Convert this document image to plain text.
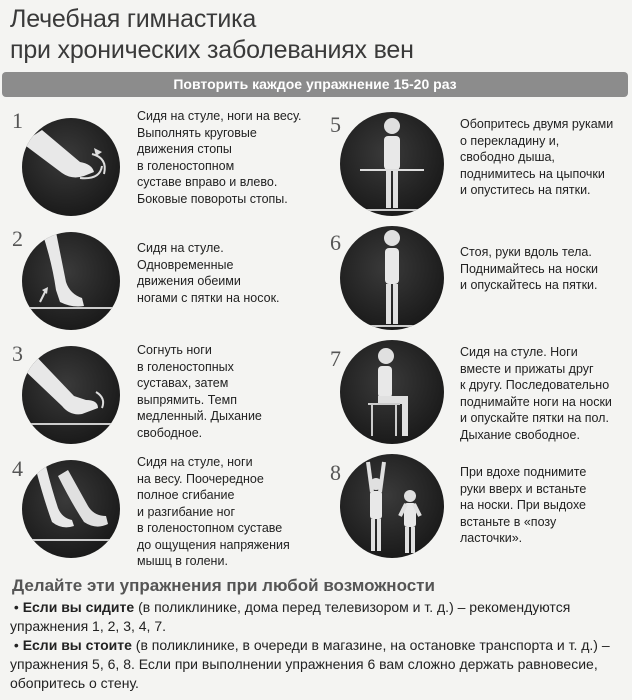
Лечебная гимнастика
при хронических заболеваниях вен
Повторить каждое упражнение 15-20 раз
1	Сидя на стуле, ноги на весу.
Выполнять круговые
движения стопы
в голеностопном
суставе вправо и влево.
Боковые повороты стопы.
2	Сидя на стуле.
Одновременные
движения обеими
ногами с пятки на носок.
3	Согнуть ноги
в голеностопных
суставах, затем
выпрямить. Темп
медленный. Дыхание
свободное.
4	Сидя на стуле, ноги
на весу. Поочередное
полное сгибание
и разгибание ног
в голеностопном суставе
до ощущения напряжения
мышц в голени.
5	Обопритесь двумя руками
о перекладину и,
свободно дыша,
поднимитесь на цыпочки
и опуститесь на пятки.
6	Стоя, руки вдоль тела.
Поднимайтесь на носки
и опускайтесь на пятки.
7	Сидя на стуле. Ноги
вместе и прижаты друг
к другу. Последовательно
поднимайте ноги на носки
и опускайте пятки на пол.
Дыхание свободное.
8	При вдохе поднимите
руки вверх и встаньте
на носки. При выдохе
встаньте в «позу
ласточки».
Делайте эти упражнения при любой возможности
• Если вы сидите (в поликлинике, дома перед телевизором и т. д.) – рекомендуются упражнения 1, 2, 3, 4, 7.
• Если вы стоите (в поликлинике, в очереди в магазине, на остановке транспорта и т. д.) – упражнения 5, 6, 8. Если при выполнении упражнения 6 вам сложно держать равновесие, обопритесь о стену.
